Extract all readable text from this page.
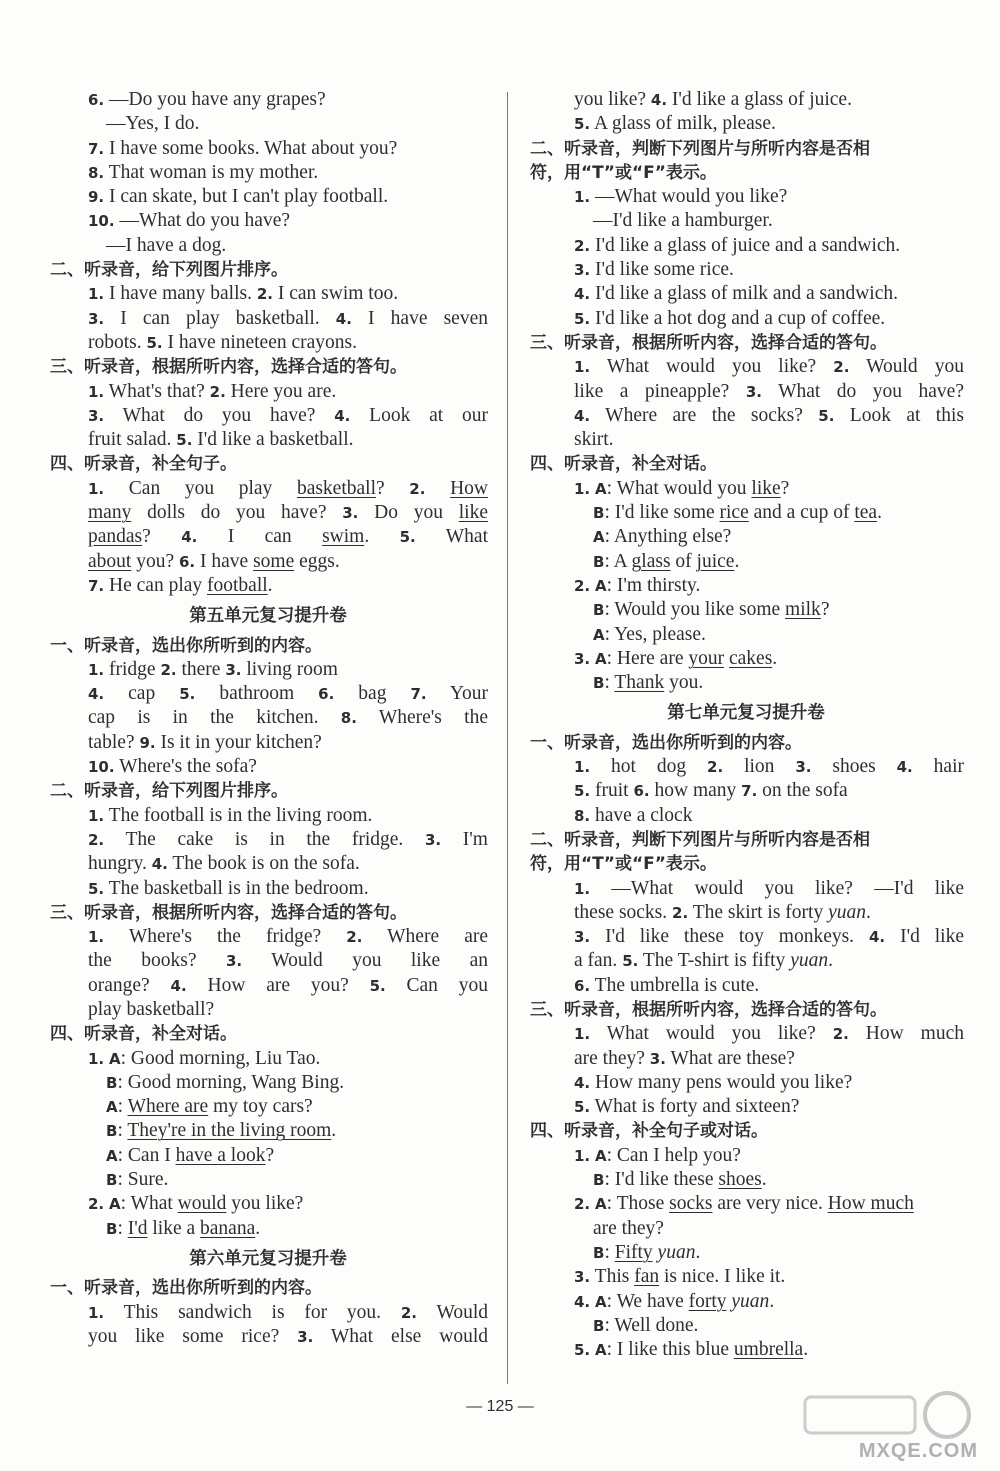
6. —Do you have any grapes?
—Yes, I do.
7. I have some books. What about you?
8. That woman is my mother.
9. I can skate, but I can't play football.
10. —What do you have?
—I have a dog.
二、听录音，给下列图片排序。
1. I have many balls. 2. I can swim too.
3. I can play basketball. 4. I have seven
robots. 5. I have nineteen crayons.
三、听录音，根据所听内容，选择合适的答句。
1. What's that? 2. Here you are.
3. What do you have? 4. Look at our
fruit salad. 5. I'd like a basketball.
四、听录音，补全句子。
1. Can you play basketball? 2. How
many dolls do you have? 3. Do you like
pandas? 4. I can swim. 5. What
about you? 6. I have some eggs.
7. He can play football.
第五单元复习提升卷
一、听录音，选出你所听到的内容。
1. fridge 2. there 3. living room
4. cap 5. bathroom 6. bag 7. Your
cap is in the kitchen. 8. Where's the
table? 9. Is it in your kitchen?
10. Where's the sofa?
二、听录音，给下列图片排序。
1. The football is in the living room.
2. The cake is in the fridge. 3. I'm
hungry. 4. The book is on the sofa.
5. The basketball is in the bedroom.
三、听录音，根据所听内容，选择合适的答句。
1. Where's the fridge? 2. Where are
the books? 3. Would you like an
orange? 4. How are you? 5. Can you
play basketball?
四、听录音，补全对话。
1. A: Good morning, Liu Tao.
B: Good morning, Wang Bing.
A: Where are my toy cars?
B: They're in the living room.
A: Can I have a look?
B: Sure.
2. A: What would you like?
B: I'd like a banana.
第六单元复习提升卷
一、听录音，选出你所听到的内容。
1. This sandwich is for you. 2. Would
you like some rice? 3. What else would
you like? 4. I'd like a glass of juice.
5. A glass of milk, please.
二、听录音，判断下列图片与所听内容是否相
符，用“T”或“F”表示。
1. —What would you like?
—I'd like a hamburger.
2. I'd like a glass of juice and a sandwich.
3. I'd like some rice.
4. I'd like a glass of milk and a sandwich.
5. I'd like a hot dog and a cup of coffee.
三、听录音，根据所听内容，选择合适的答句。
1. What would you like? 2. Would you
like a pineapple? 3. What do you have?
4. Where are the socks? 5. Look at this
skirt.
四、听录音，补全对话。
1. A: What would you like?
B: I'd like some rice and a cup of tea.
A: Anything else?
B: A glass of juice.
2. A: I'm thirsty.
B: Would you like some milk?
A: Yes, please.
3. A: Here are your cakes.
B: Thank you.
第七单元复习提升卷
一、听录音，选出你所听到的内容。
1. hot dog 2. lion 3. shoes 4. hair
5. fruit 6. how many 7. on the sofa
8. have a clock
二、听录音，判断下列图片与所听内容是否相
符，用“T”或“F”表示。
1. —What would you like? —I'd like
these socks. 2. The skirt is forty yuan.
3. I'd like these toy monkeys. 4. I'd like
a fan. 5. The T-shirt is fifty yuan.
6. The umbrella is cute.
三、听录音，根据所听内容，选择合适的答句。
1. What would you like? 2. How much
are they? 3. What are these?
4. How many pens would you like?
5. What is forty and sixteen?
四、听录音，补全句子或对话。
1. A: Can I help you?
B: I'd like these shoes.
2. A: Those socks are very nice. How much
are they?
B: Fifty yuan.
3. This fan is nice. I like it.
4. A: We have forty yuan.
B: Well done.
5. A: I like this blue umbrella.
— 125 —
MXQE.COM
